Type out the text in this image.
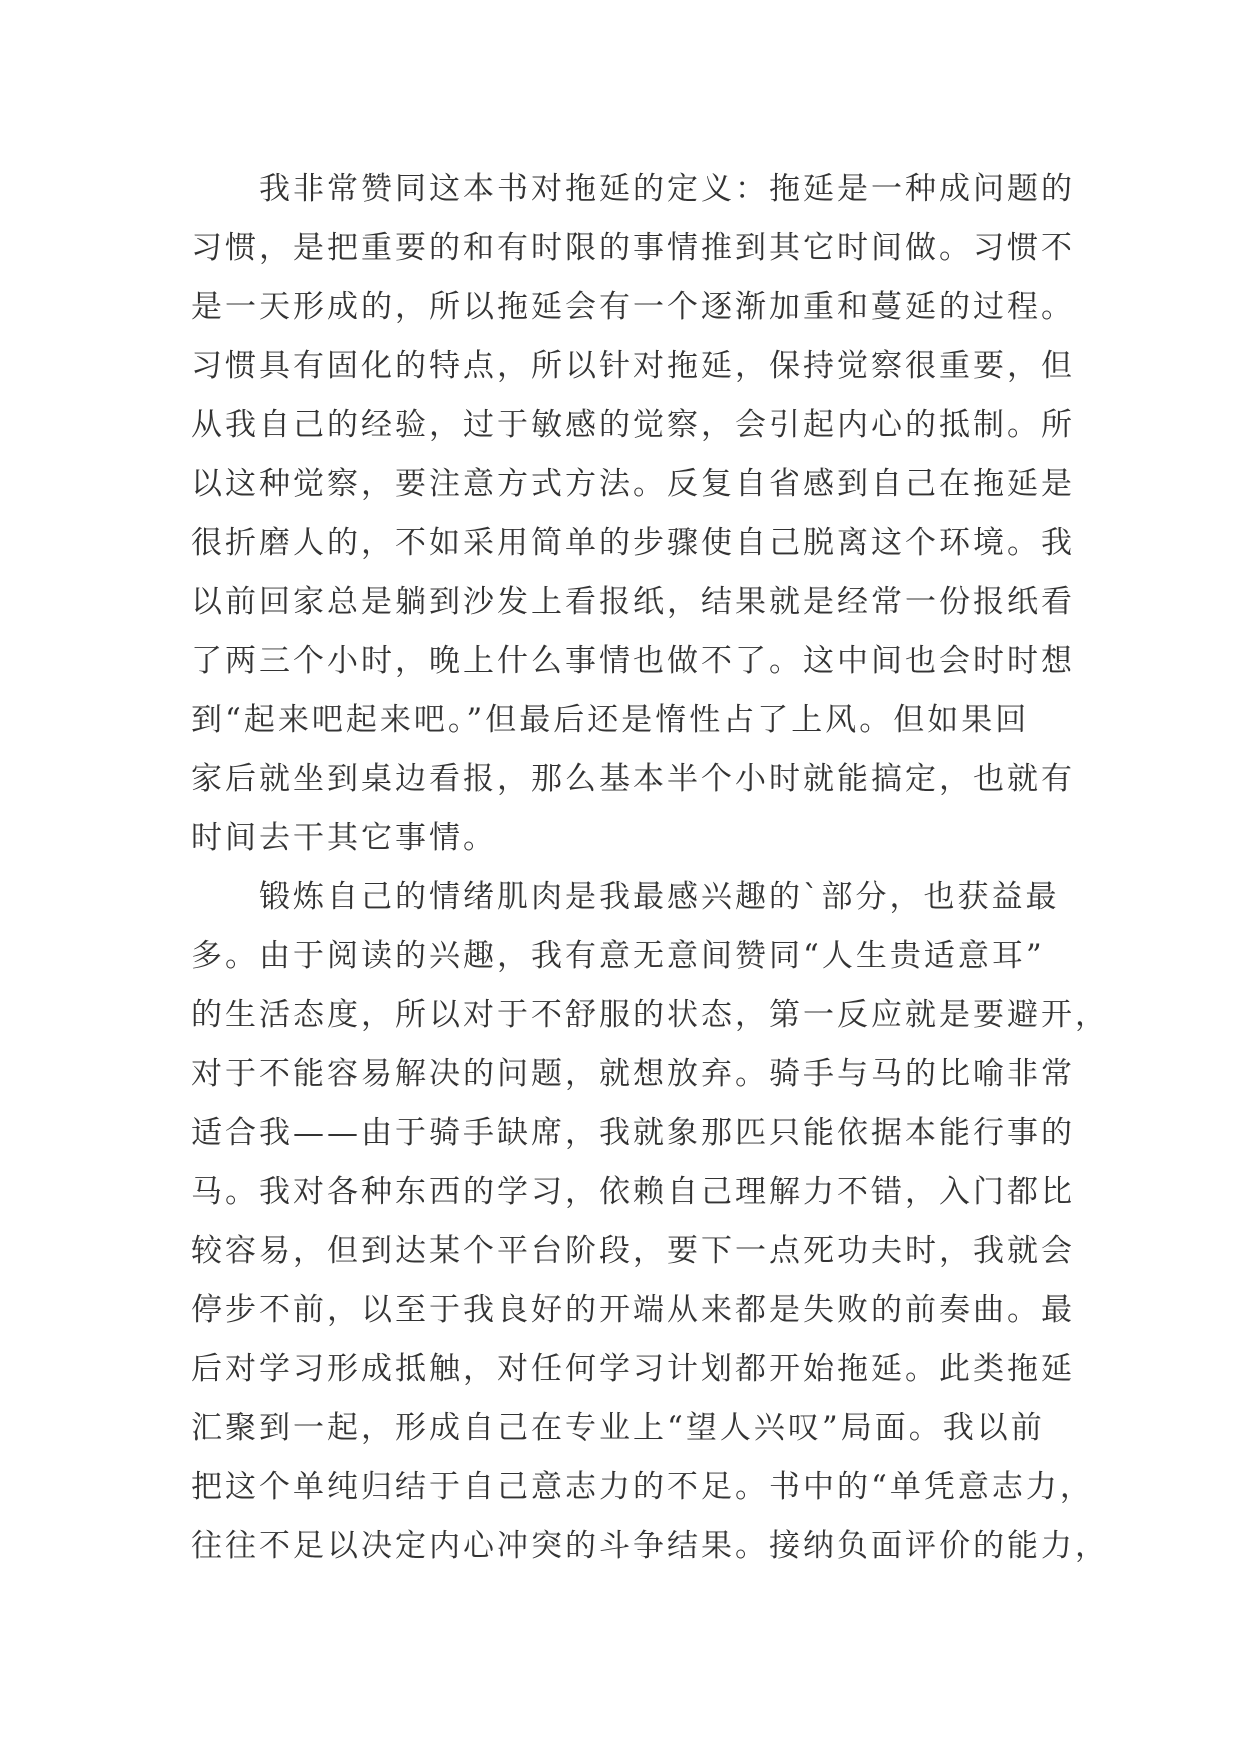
　　我非常赞同这本书对拖延的定义：拖延是一种成问题的

习惯，是把重要的和有时限的事情推到其它时间做。习惯不

是一天形成的，所以拖延会有一个逐渐加重和蔓延的过程。

习惯具有固化的特点，所以针对拖延，保持觉察很重要，但

从我自己的经验，过于敏感的觉察，会引起内心的抵制。所

以这种觉察，要注意方式方法。反复自省感到自己在拖延是

很折磨人的，不如采用简单的步骤使自己脱离这个环境。我

以前回家总是躺到沙发上看报纸，结果就是经常一份报纸看

了两三个小时，晚上什么事情也做不了。这中间也会时时想

到“起来吧起来吧。”但最后还是惰性占了上风。但如果回

家后就坐到桌边看报，那么基本半个小时就能搞定，也就有

时间去干其它事情。

　　锻炼自己的情绪肌肉是我最感兴趣的`部分，也获益最

多。由于阅读的兴趣，我有意无意间赞同“人生贵适意耳”

的生活态度，所以对于不舒服的状态，第一反应就是要避开，

对于不能容易解决的问题，就想放弃。骑手与马的比喻非常

适合我——由于骑手缺席，我就象那匹只能依据本能行事的

马。我对各种东西的学习，依赖自己理解力不错，入门都比

较容易，但到达某个平台阶段，要下一点死功夫时，我就会

停步不前，以至于我良好的开端从来都是失败的前奏曲。最

后对学习形成抵触，对任何学习计划都开始拖延。此类拖延

汇聚到一起，形成自己在专业上“望人兴叹”局面。我以前

把这个单纯归结于自己意志力的不足。书中的“单凭意志力，

往往不足以决定内心冲突的斗争结果。接纳负面评价的能力，
